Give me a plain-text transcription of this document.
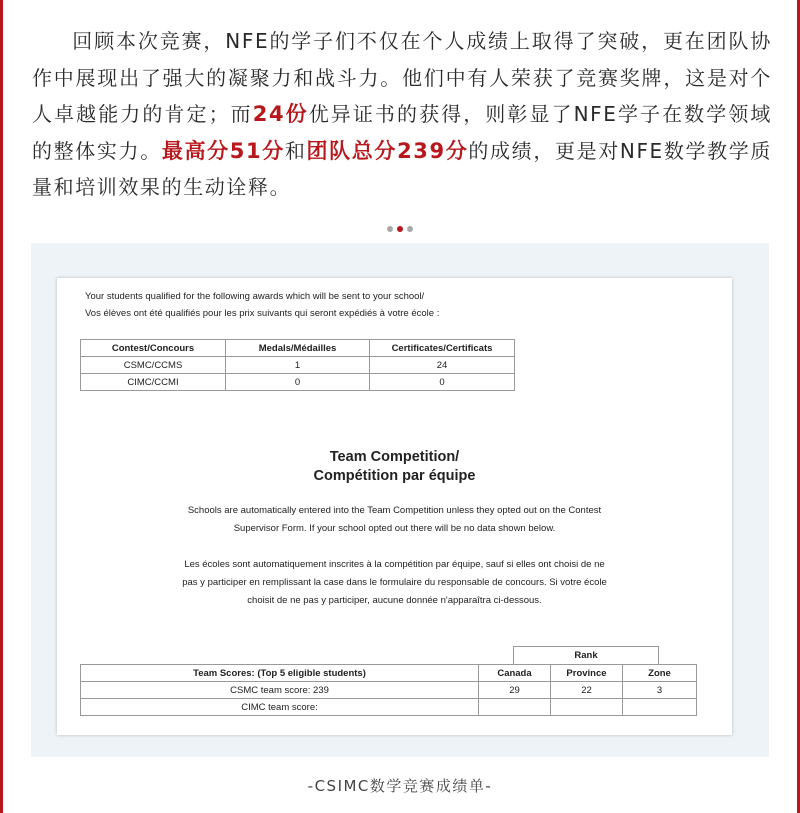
回顾本次竞赛，NFE的学子们不仅在个人成绩上取得了突破，更在团队协作中展现出了强大的凝聚力和战斗力。他们中有人荣获了竞赛奖牌，这是对个人卓越能力的肯定；而24份优异证书的获得，则彰显了NFE学子在数学领域的整体实力。最高分51分和团队总分239分的成绩，更是对NFE数学教学质量和培训效果的生动诠释。

Your students qualified for the following awards which will be sent to your school/
Vos élèves ont été qualifiés pour les prix suivants qui seront expédiés à votre école :
Contest/Concours	Medals/Médailles	Certificates/Certificats
CSMC/CCMS	1	24
CIMC/CCMI	0	0
Team Competition/
Compétition par équipe
Schools are automatically entered into the Team Competition unless they opted out on the Contest
Supervisor Form. If your school opted out there will be no data shown below.
Les écoles sont automatiquement inscrites à la compétition par équipe, sauf si elles ont choisi de ne
pas y participer en remplissant la case dans le formulaire du responsable de concours. Si votre école
choisit de ne pas y participer, aucune donnée n'apparaîtra ci-dessous.
Rank
Team Scores: (Top 5 eligible students)	Canada	Province	Zone
CSMC team score: 239	29	22	3
CIMC team score:			
-CSIMC数学竞赛成绩单-
